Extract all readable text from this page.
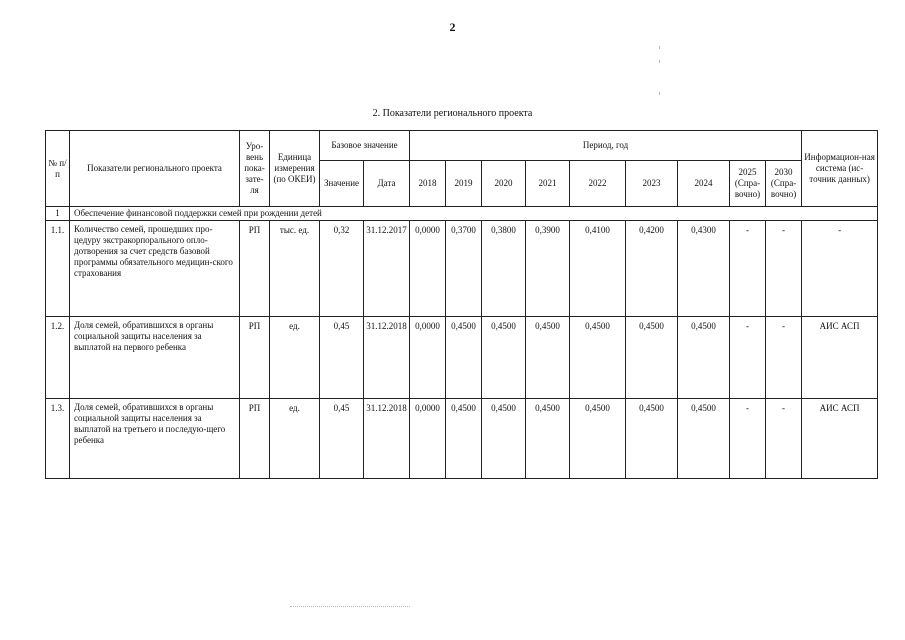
2
2. Показатели регионального проекта
№ п/п	Показатели регионального проекта	Уро-вень пока-зате-ля	Единица измерения (по ОКЕИ)	Базовое значение		Период, год									Информацион-ная система (ис-точник данных)
				Значение	Дата	2018	2019	2020	2021	2022	2023	2024	2025 (Спра-вочно)	2030 (Спра-вочно)	
1	Обеспечение финансовой поддержки семей при рождении детей														
1.1.	Количество семей, прошедших про-цедуру экстракорпорального опло-дотворения за счет средств базовой программы обязательного медицин-ского страхования	РП	тыс. ед.	0,32	31.12.2017	0,0000	0,3700	0,3800	0,3900	0,4100	0,4200	0,4300	-	-	-
1.2.	Доля семей, обратившихся в органы социальной защиты населения за выплатой на первого ребенка	РП	ед.	0,45	31.12.2018	0,0000	0,4500	0,4500	0,4500	0,4500	0,4500	0,4500	-	-	АИС АСП
1.3.	Доля семей, обратившихся в органы социальной защиты населения за выплатой на третьего и последую-щего ребенка	РП	ед.	0,45	31.12.2018	0,0000	0,4500	0,4500	0,4500	0,4500	0,4500	0,4500	-	-	АИС АСП
